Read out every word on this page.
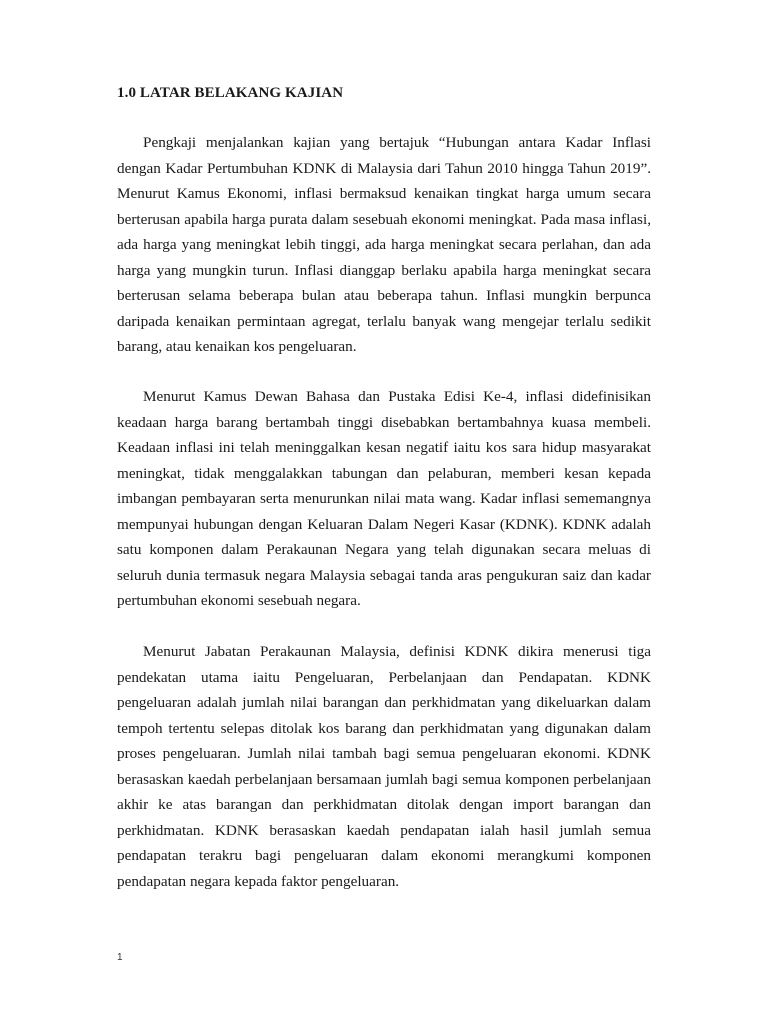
1.0 LATAR BELAKANG KAJIAN

Pengkaji menjalankan kajian yang bertajuk “Hubungan antara Kadar Inflasi dengan Kadar Pertumbuhan KDNK di Malaysia dari Tahun 2010 hingga Tahun 2019”. Menurut Kamus Ekonomi, inflasi bermaksud kenaikan tingkat harga umum secara berterusan apabila harga purata dalam sesebuah ekonomi meningkat. Pada masa inflasi, ada harga yang meningkat lebih tinggi, ada harga meningkat secara perlahan, dan ada harga yang mungkin turun. Inflasi dianggap berlaku apabila harga meningkat secara berterusan selama beberapa bulan atau beberapa tahun. Inflasi mungkin berpunca daripada kenaikan permintaan agregat, terlalu banyak wang mengejar terlalu sedikit barang, atau kenaikan kos pengeluaran.

Menurut Kamus Dewan Bahasa dan Pustaka Edisi Ke-4, inflasi didefinisikan keadaan harga barang bertambah tinggi disebabkan bertambahnya kuasa membeli. Keadaan inflasi ini telah meninggalkan kesan negatif iaitu kos sara hidup masyarakat meningkat, tidak menggalakkan tabungan dan pelaburan, memberi kesan kepada imbangan pembayaran serta menurunkan nilai mata wang. Kadar inflasi sememangnya mempunyai hubungan dengan Keluaran Dalam Negeri Kasar (KDNK). KDNK adalah satu komponen dalam Perakaunan Negara yang telah digunakan secara meluas di seluruh dunia termasuk negara Malaysia sebagai tanda aras pengukuran saiz dan kadar pertumbuhan ekonomi sesebuah negara.

Menurut Jabatan Perakaunan Malaysia, definisi KDNK dikira menerusi tiga pendekatan utama iaitu Pengeluaran, Perbelanjaan dan Pendapatan. KDNK pengeluaran adalah jumlah nilai barangan dan perkhidmatan yang dikeluarkan dalam tempoh tertentu selepas ditolak kos barang dan perkhidmatan yang digunakan dalam proses pengeluaran. Jumlah nilai tambah bagi semua pengeluaran ekonomi. KDNK berasaskan kaedah perbelanjaan bersamaan jumlah bagi semua komponen perbelanjaan akhir ke atas barangan dan perkhidmatan ditolak dengan import barangan dan perkhidmatan. KDNK berasaskan kaedah pendapatan ialah hasil jumlah semua pendapatan terakru bagi pengeluaran dalam ekonomi merangkumi komponen pendapatan negara kepada faktor pengeluaran.

1
